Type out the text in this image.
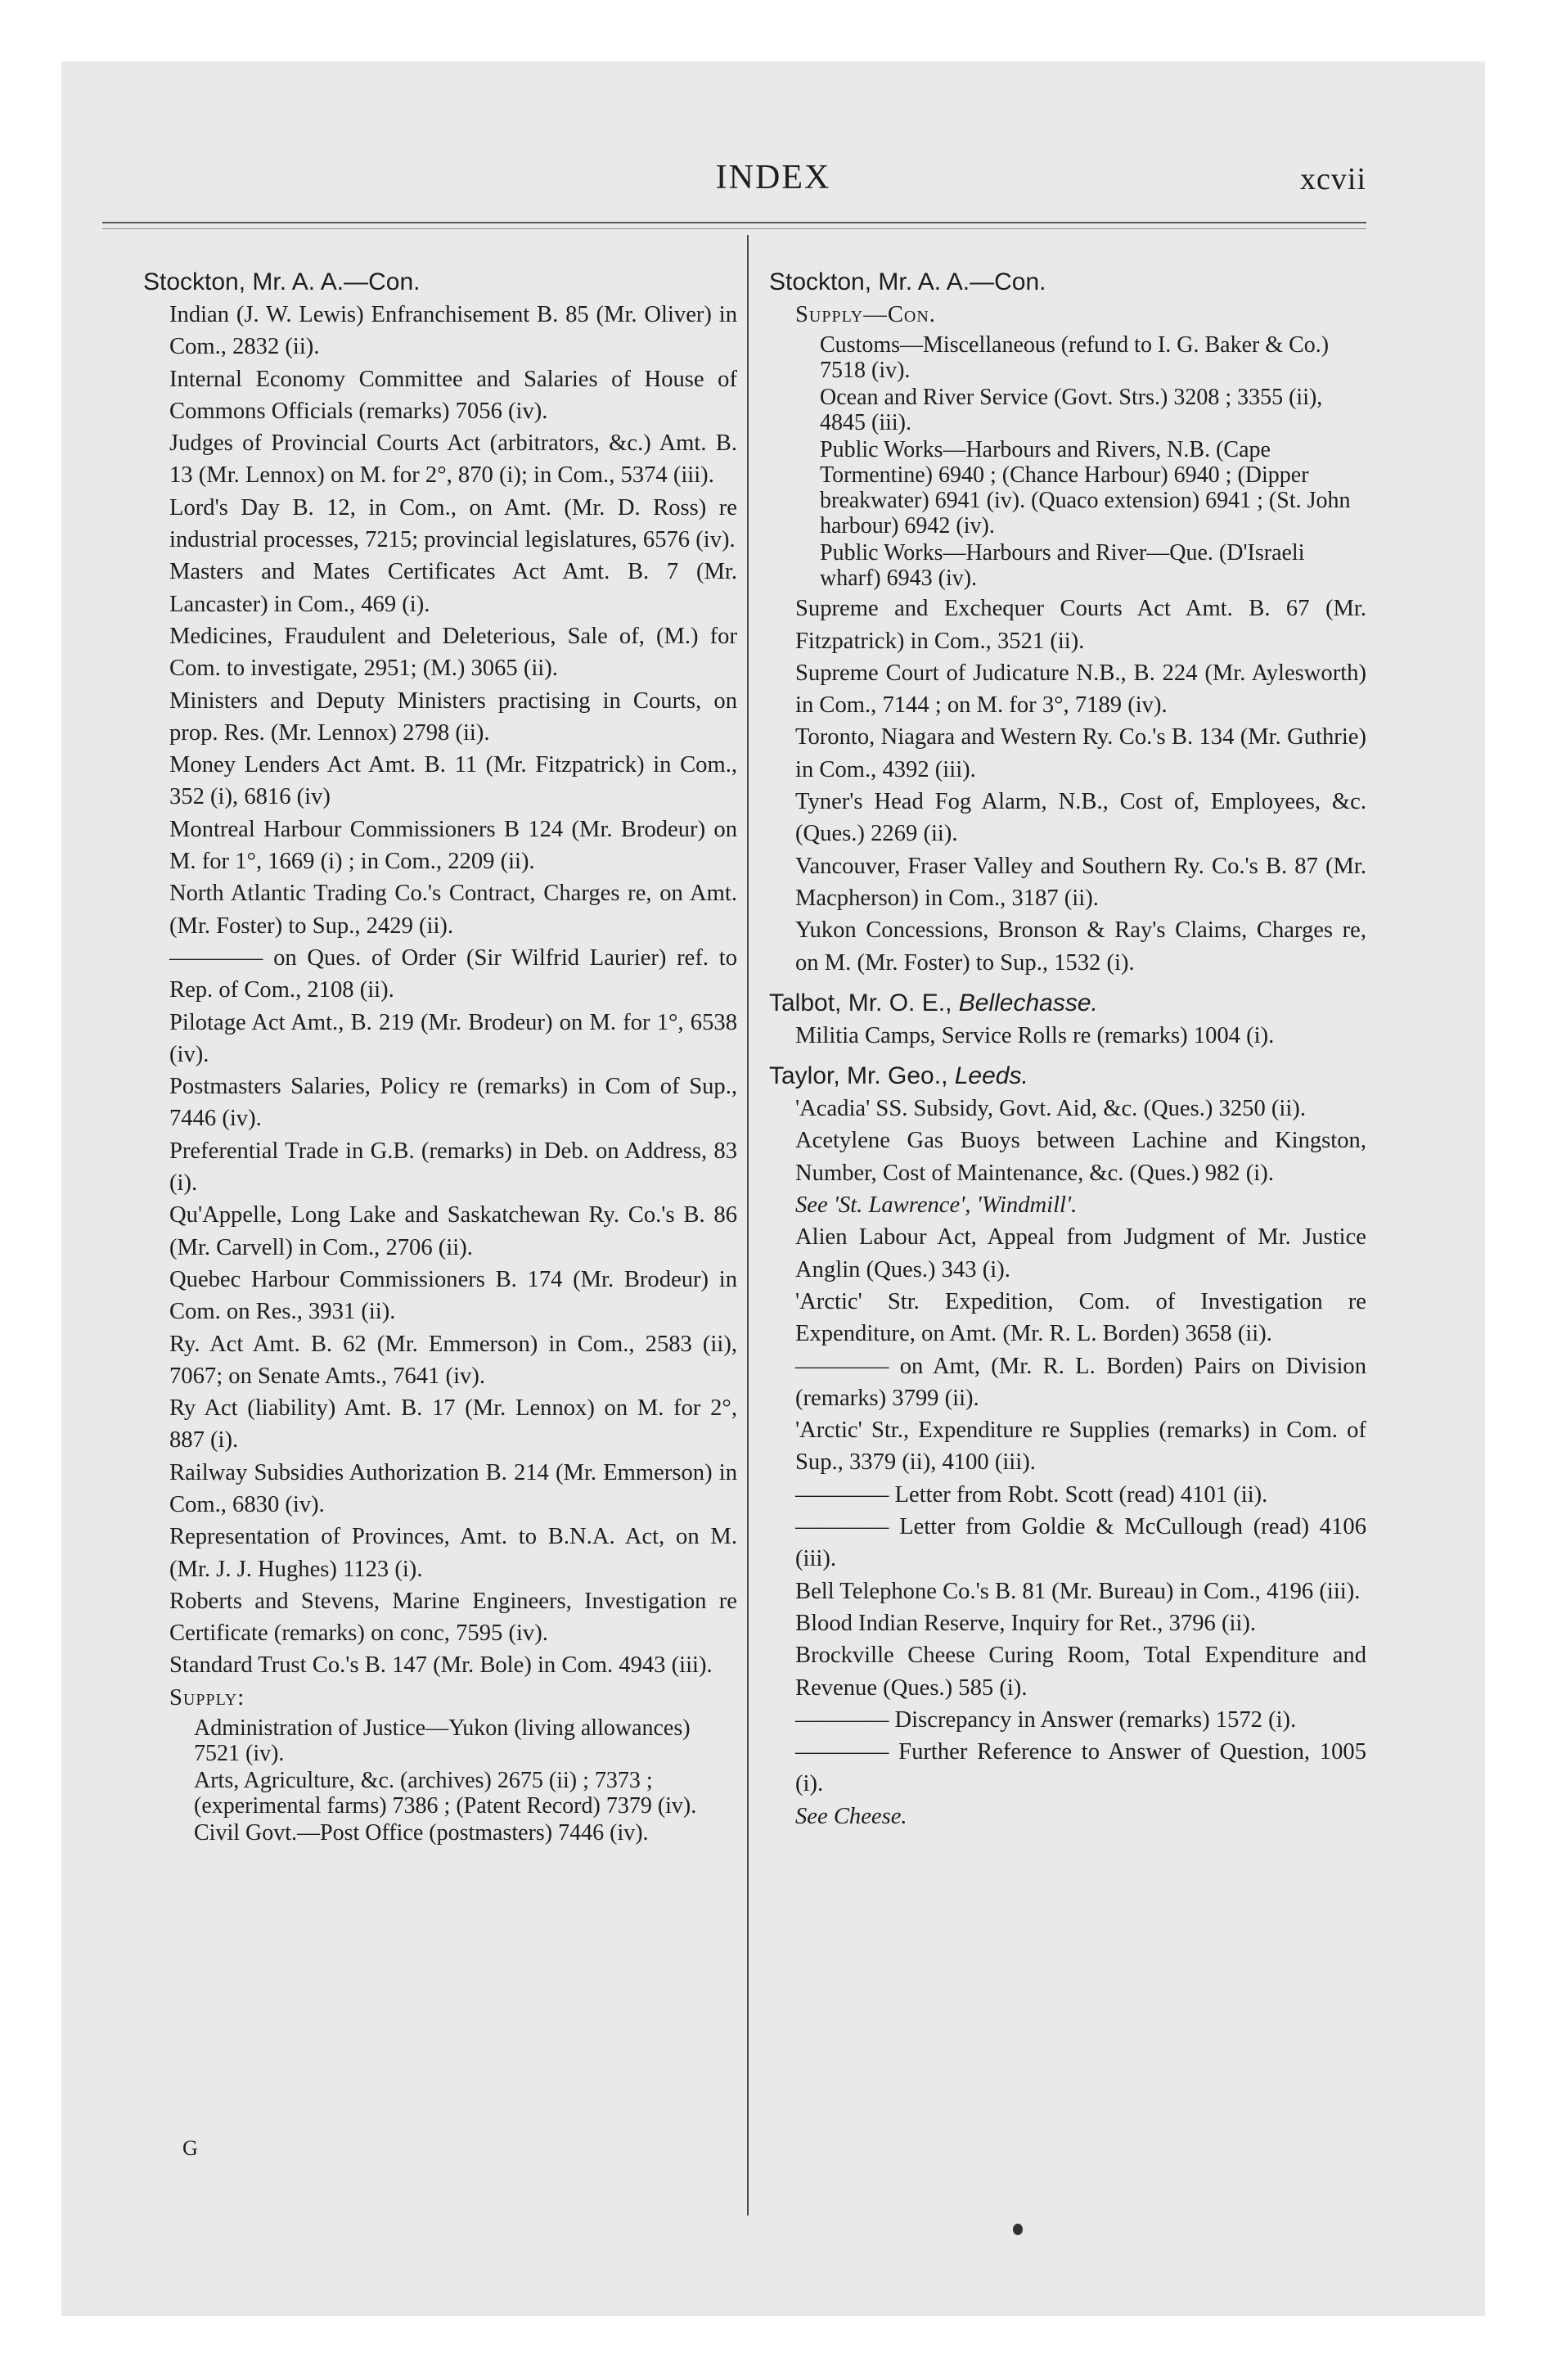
INDEX	xcvii

Stockton, Mr. A. A.—Con.

Indian (J. W. Lewis) Enfranchisement B. 85 (Mr. Oliver) in Com., 2832 (ii).

Internal Economy Committee and Salaries of House of Commons Officials (remarks) 7056 (iv).

Judges of Provincial Courts Act (arbitrators, &c.) Amt. B. 13 (Mr. Lennox) on M. for 2°, 870 (i); in Com., 5374 (iii).

Lord's Day B. 12, in Com., on Amt. (Mr. D. Ross) re industrial processes, 7215; provincial legislatures, 6576 (iv).

Masters and Mates Certificates Act Amt. B. 7 (Mr. Lancaster) in Com., 469 (i).

Medicines, Fraudulent and Deleterious, Sale of, (M.) for Com. to investigate, 2951; (M.) 3065 (ii).

Ministers and Deputy Ministers practising in Courts, on prop. Res. (Mr. Lennox) 2798 (ii).

Money Lenders Act Amt. B. 11 (Mr. Fitzpatrick) in Com., 352 (i), 6816 (iv)

Montreal Harbour Commissioners B 124 (Mr. Brodeur) on M. for 1°, 1669 (i) ; in Com., 2209 (ii).

North Atlantic Trading Co.'s Contract, Charges re, on Amt. (Mr. Foster) to Sup., 2429 (ii).

———— on Ques. of Order (Sir Wilfrid Laurier) ref. to Rep. of Com., 2108 (ii).

Pilotage Act Amt., B. 219 (Mr. Brodeur) on M. for 1°, 6538 (iv).

Postmasters Salaries, Policy re (remarks) in Com of Sup., 7446 (iv).

Preferential Trade in G.B. (remarks) in Deb. on Address, 83 (i).

Qu'Appelle, Long Lake and Saskatchewan Ry. Co.'s B. 86 (Mr. Carvell) in Com., 2706 (ii).

Quebec Harbour Commissioners B. 174 (Mr. Brodeur) in Com. on Res., 3931 (ii).

Ry. Act Amt. B. 62 (Mr. Emmerson) in Com., 2583 (ii), 7067; on Senate Amts., 7641 (iv).

Ry Act (liability) Amt. B. 17 (Mr. Lennox) on M. for 2°, 887 (i).

Railway Subsidies Authorization B. 214 (Mr. Emmerson) in Com., 6830 (iv).

Representation of Provinces, Amt. to B.N.A. Act, on M. (Mr. J. J. Hughes) 1123 (i).

Roberts and Stevens, Marine Engineers, Investigation re Certificate (remarks) on conc, 7595 (iv).

Standard Trust Co.'s B. 147 (Mr. Bole) in Com. 4943 (iii).

Supply:

Administration of Justice—Yukon (living allowances) 7521 (iv).

Arts, Agriculture, &c. (archives) 2675 (ii) ; 7373 ; (experimental farms) 7386 ; (Patent Record) 7379 (iv).

Civil Govt.—Post Office (postmasters) 7446 (iv).

G

Stockton, Mr. A. A.—Con.

Supply—Con.

Customs—Miscellaneous (refund to I. G. Baker & Co.) 7518 (iv).

Ocean and River Service (Govt. Strs.) 3208 ; 3355 (ii), 4845 (iii).

Public Works—Harbours and Rivers, N.B. (Cape Tormentine) 6940 ; (Chance Harbour) 6940 ; (Dipper breakwater) 6941 (iv). (Quaco extension) 6941 ; (St. John harbour) 6942 (iv).

Public Works—Harbours and River—Que. (D'Israeli wharf) 6943 (iv).

Supreme and Exchequer Courts Act Amt. B. 67 (Mr. Fitzpatrick) in Com., 3521 (ii).

Supreme Court of Judicature N.B., B. 224 (Mr. Aylesworth) in Com., 7144 ; on M. for 3°, 7189 (iv).

Toronto, Niagara and Western Ry. Co.'s B. 134 (Mr. Guthrie) in Com., 4392 (iii).

Tyner's Head Fog Alarm, N.B., Cost of, Employees, &c. (Ques.) 2269 (ii).

Vancouver, Fraser Valley and Southern Ry. Co.'s B. 87 (Mr. Macpherson) in Com., 3187 (ii).

Yukon Concessions, Bronson & Ray's Claims, Charges re, on M. (Mr. Foster) to Sup., 1532 (i).

Talbot, Mr. O. E., Bellechasse.

Militia Camps, Service Rolls re (remarks) 1004 (i).

Taylor, Mr. Geo., Leeds.

'Acadia' SS. Subsidy, Govt. Aid, &c. (Ques.) 3250 (ii).

Acetylene Gas Buoys between Lachine and Kingston, Number, Cost of Maintenance, &c. (Ques.) 982 (i).

See 'St. Lawrence', 'Windmill'.

Alien Labour Act, Appeal from Judgment of Mr. Justice Anglin (Ques.) 343 (i).

'Arctic' Str. Expedition, Com. of Investigation re Expenditure, on Amt. (Mr. R. L. Borden) 3658 (ii).

———— on Amt, (Mr. R. L. Borden) Pairs on Division (remarks) 3799 (ii).

'Arctic' Str., Expenditure re Supplies (remarks) in Com. of Sup., 3379 (ii), 4100 (iii).

———— Letter from Robt. Scott (read) 4101 (ii).

———— Letter from Goldie & McCullough (read) 4106 (iii).

Bell Telephone Co.'s B. 81 (Mr. Bureau) in Com., 4196 (iii).

Blood Indian Reserve, Inquiry for Ret., 3796 (ii).

Brockville Cheese Curing Room, Total Expenditure and Revenue (Ques.) 585 (i).

———— Discrepancy in Answer (remarks) 1572 (i).

———— Further Reference to Answer of Question, 1005 (i).

See Cheese.
